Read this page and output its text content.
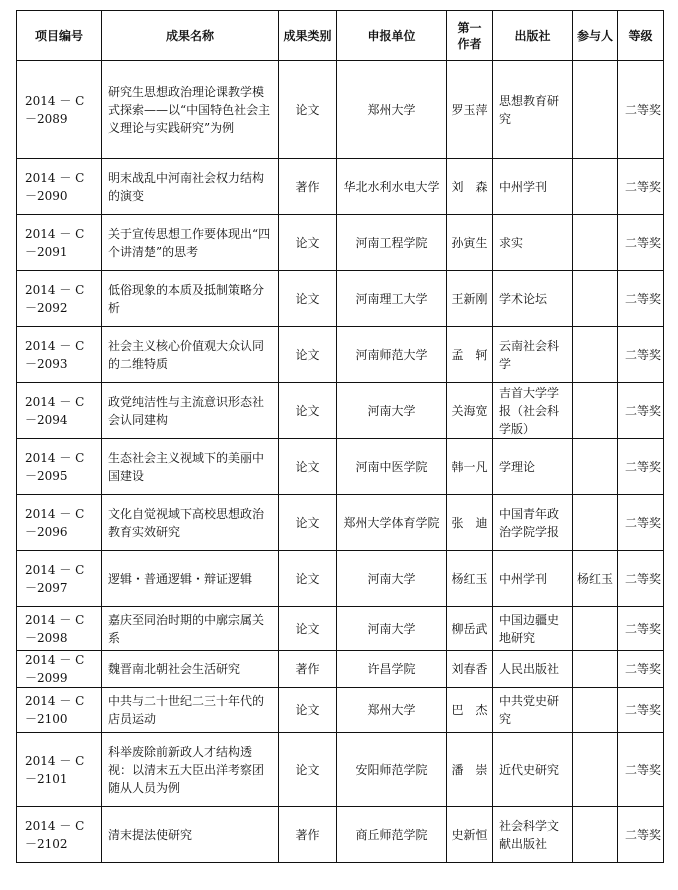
项目编号	成果名称	成果类别	申报单位	第一
作者	出版社	参与人	等级
2014 － C
－2089	研究生思想政治理论课教学模式探索——以“中国特色社会主义理论与实践研究”为例	论文	郑州大学	罗玉萍	思想教育研究		二等奖
2014 － C
－2090	明末战乱中河南社会权力结构的演变	著作	华北水利水电大学	刘　森	中州学刊		二等奖
2014 － C
－2091	关于宣传思想工作要体现出“四个讲清楚”的思考	论文	河南工程学院	孙寅生	求实		二等奖
2014 － C
－2092	低俗现象的本质及抵制策略分析	论文	河南理工大学	王新刚	学术论坛		二等奖
2014 － C
－2093	社会主义核心价值观大众认同的二维特质	论文	河南师范大学	孟　轲	云南社会科学		二等奖
2014 － C
－2094	政党纯洁性与主流意识形态社会认同建构	论文	河南大学	关海宽	吉首大学学报（社会科学版）		二等奖
2014 － C
－2095	生态社会主义视域下的美丽中国建设	论文	河南中医学院	韩一凡	学理论		二等奖
2014 － C
－2096	文化自觉视域下高校思想政治教育实效研究	论文	郑州大学体育学院	张　迪	中国青年政治学院学报		二等奖
2014 － C
－2097	逻辑・普通逻辑・辩证逻辑	论文	河南大学	杨红玉	中州学刊	杨红玉	二等奖
2014 － C
－2098	嘉庆至同治时期的中廓宗属关系	论文	河南大学	柳岳武	中国边疆史地研究		二等奖
2014 － C
－2099	魏晋南北朝社会生活研究	著作	许昌学院	刘春香	人民出版社		二等奖
2014 － C
－2100	中共与二十世纪二三十年代的店员运动	论文	郑州大学	巴　杰	中共党史研究		二等奖
2014 － C
－2101	科举废除前新政人才结构透视：以清末五大臣出洋考察团随从人员为例	论文	安阳师范学院	潘　崇	近代史研究		二等奖
2014 － C
－2102	清末提法使研究	著作	商丘师范学院	史新恒	社会科学文献出版社		二等奖
